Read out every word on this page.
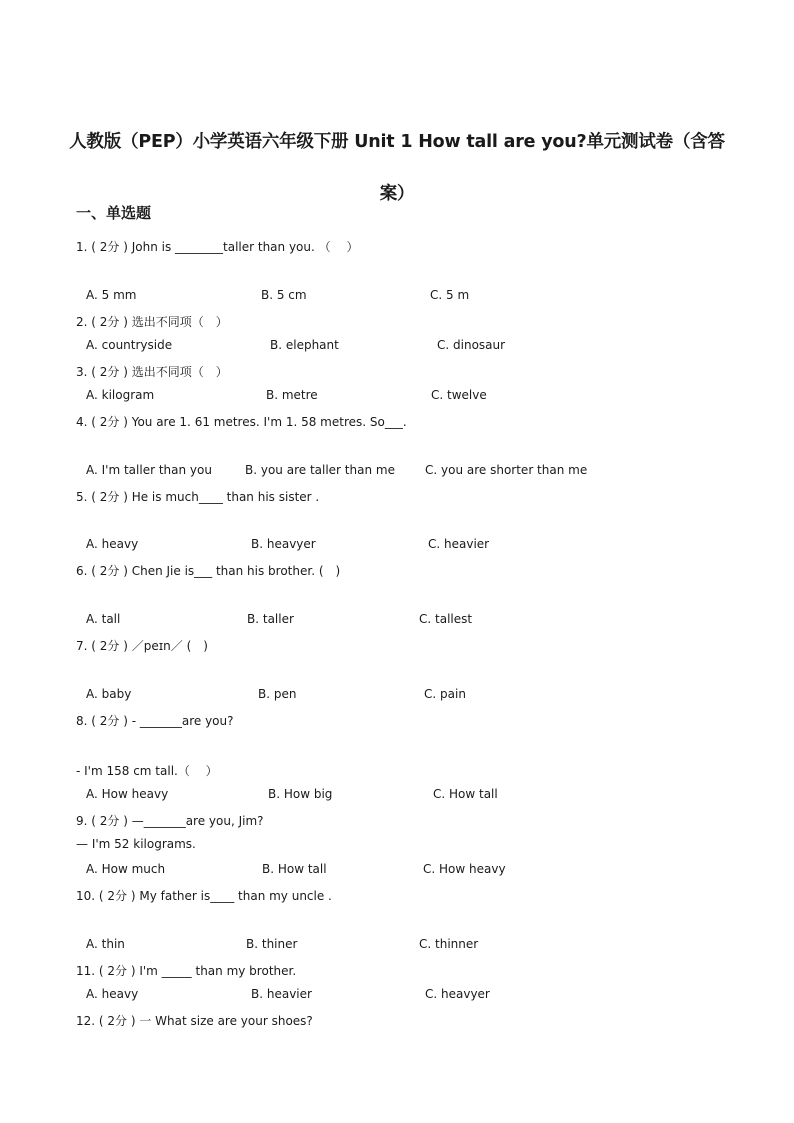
人教版（PEP）小学英语六年级下册 Unit 1 How tall are you?单元测试卷（含答案）
一、单选题
1. ( 2分 ) John is ________taller than you. （　 ）
A. 5 mm	B. 5 cm	C. 5 m
2. ( 2分 ) 选出不同项（　）
A. countryside	B. elephant	C. dinosaur
3. ( 2分 ) 选出不同项（　）
A. kilogram	B. metre	C. twelve
4. ( 2分 ) You are 1. 61 metres. I'm 1. 58 metres. So___.
A. I'm taller than you	B. you are taller than me	C. you are shorter than me
5. ( 2分 ) He is much____ than his sister .
A. heavy	B. heavyer	C. heavier
6. ( 2分 ) Chen Jie is___ than his brother. (　)
A. tall	B. taller	C. tallest
7. ( 2分 ) ／peɪn／ (　)
A. baby	B. pen	C. pain
8. ( 2分 ) - _______are you?
- I'm 158 cm tall.（　 ）
A. How heavy	B. How big	C. How tall
9. ( 2分 ) —_______are you, Jim?
— I'm 52 kilograms.
A. How much	B. How tall	C. How heavy
10. ( 2分 ) My father is____ than my uncle .
A. thin	B. thiner	C. thinner
11. ( 2分 ) I'm _____ than my brother.
A. heavy	B. heavier	C. heavyer
12. ( 2分 ) 一 What size are your shoes?
